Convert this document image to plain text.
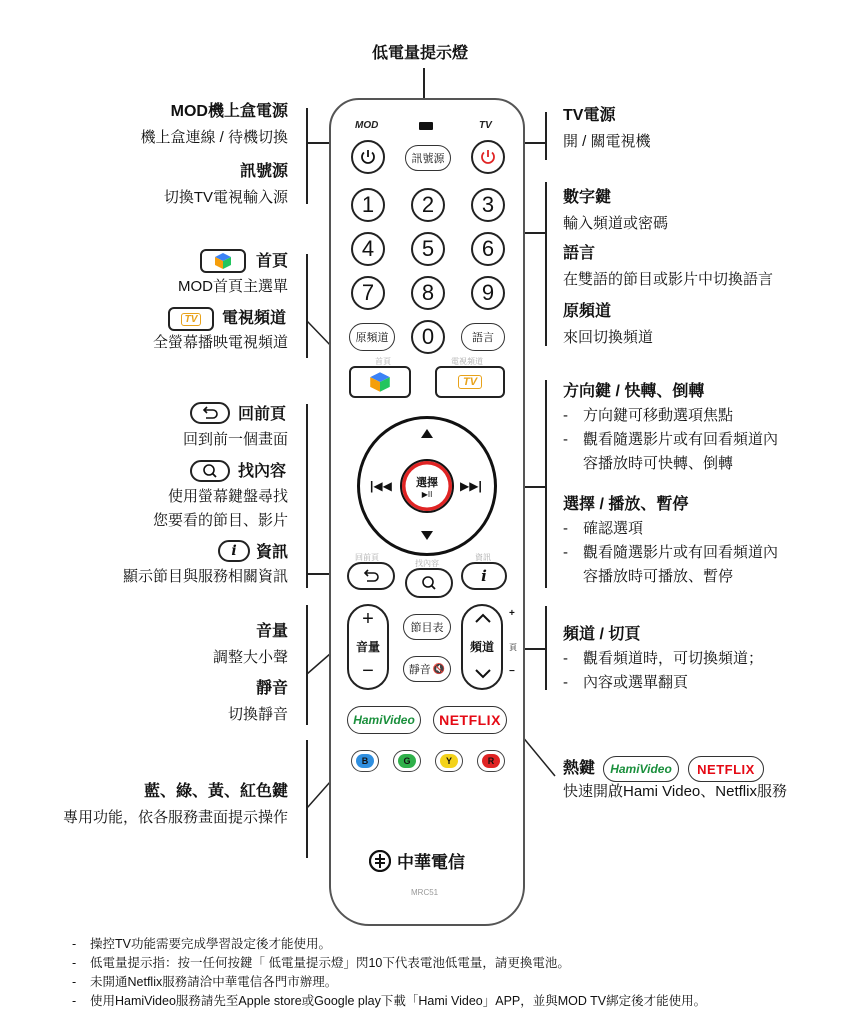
低電量提示燈
MOD機上盒電源
機上盒連線 / 待機切換
訊號源
切換TV電視輸入源
首頁
MOD首頁主選單
TV 電視頻道
全螢幕播映電視頻道
回前頁
回到前一個畫面
找內容
使用螢幕鍵盤尋找
您要看的節目、影片
i 資訊
顯示節目與服務相關資訊
音量
調整大小聲
靜音
切換靜音
藍、綠、黃、紅色鍵
專用功能，依各服務畫面提示操作
TV電源
開 / 關電視機
數字鍵
輸入頻道或密碼
語言
在雙語的節目或影片中切換語言
原頻道
來回切換頻道
方向鍵 / 快轉、倒轉
- 方向鍵可移動選項焦點
- 觀看隨選影片或有回看頻道內
容播放時可快轉、倒轉
選擇 / 播放、暫停
- 確認選項
- 觀看隨選影片或有回看頻道內
容播放時可播放、暫停
頻道 / 切頁
- 觀看頻道時，可切換頻道；
- 內容或選單翻頁
熱鍵 HamiVideo NETFLIX
快速開啟Hami Video、Netflix服務
MOD	TV
訊號源
1	2	3
4	5	6
7	8	9
原頻道	0	語言
首頁	電視頻道
TV
|◀◀	▶▶|
選擇
▶II
回前頁
找內容
資訊
i
+
音量
−
節目表
靜音 🔇
頻道
+
頁
−
HamiVideo NETFLIX
B	G	Y	R
中華電信
MRC51
- 操控TV功能需要完成學習設定後才能使用。
- 低電量提示指：按一任何按鍵「 低電量提示燈」閃10下代表電池低電量，請更換電池。
- 未開通Netflix服務請洽中華電信各門市辦理。
- 使用HamiVideo服務請先至Apple store或Google play下載「Hami Video」APP，並與MOD TV綁定後才能使用。
